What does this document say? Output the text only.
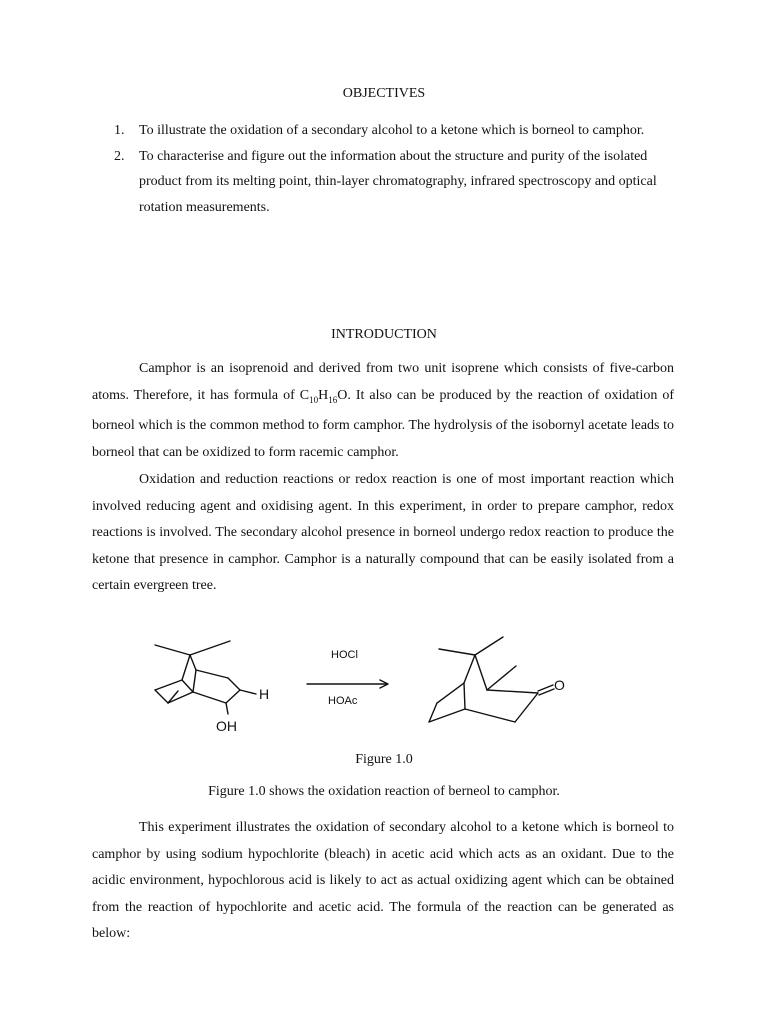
OBJECTIVES
1. To illustrate the oxidation of a secondary alcohol to a ketone which is borneol to camphor.
2. To characterise and figure out the information about the structure and purity of the isolated product from its melting point, thin-layer chromatography, infrared spectroscopy and optical rotation measurements.
INTRODUCTION

Camphor is an isoprenoid and derived from two unit isoprene which consists of five-carbon atoms. Therefore, it has formula of $C_{10}H_{16}O$. It also can be produced by the reaction of oxidation of borneol which is the common method to form camphor. The hydrolysis of the isobornyl acetate leads to borneol that can be oxidized to form racemic camphor.

Oxidation and reduction reactions or redox reaction is one of most important reaction which involved reducing agent and oxidising agent. In this experiment, in order to prepare camphor, redox reactions is involved. The secondary alcohol presence in borneol undergo redox reaction to produce the ketone that presence in camphor. Camphor is a naturally compound that can be easily isolated from a certain evergreen tree.

H
OH
O
HOCl
HOAc
Figure 1.0
Figure 1.0 shows the oxidation reaction of berneol to camphor.

This experiment illustrates the oxidation of secondary alcohol to a ketone which is borneol to camphor by using sodium hypochlorite (bleach) in acetic acid which acts as an oxidant. Due to the acidic environment, hypochlorous acid is likely to act as actual oxidizing agent which can be obtained from the reaction of hypochlorite and acetic acid. The formula of the reaction can be generated as below:
